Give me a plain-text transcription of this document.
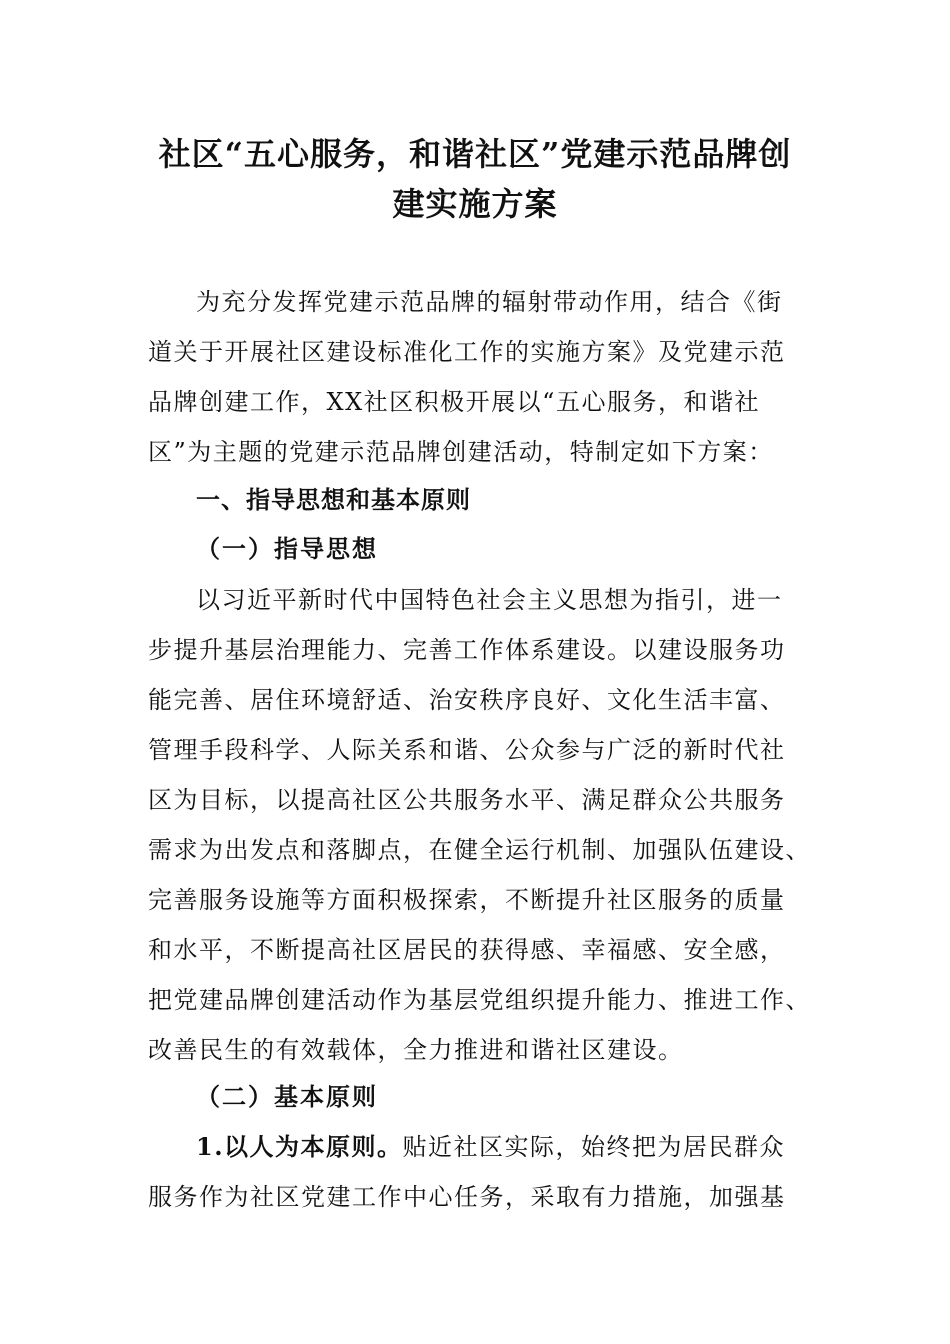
社区“五心服务，和谐社区”党建示范品牌创
建实施方案
为充分发挥党建示范品牌的辐射带动作用，结合《街
道关于开展社区建设标准化工作的实施方案》及党建示范
品牌创建工作，XX社区积极开展以“五心服务，和谐社
区”为主题的党建示范品牌创建活动，特制定如下方案：
一、指导思想和基本原则
（一）指导思想
以习近平新时代中国特色社会主义思想为指引，进一
步提升基层治理能力、完善工作体系建设。以建设服务功
能完善、居住环境舒适、治安秩序良好、文化生活丰富、
管理手段科学、人际关系和谐、公众参与广泛的新时代社
区为目标，以提高社区公共服务水平、满足群众公共服务
需求为出发点和落脚点，在健全运行机制、加强队伍建设、
完善服务设施等方面积极探索，不断提升社区服务的质量
和水平，不断提高社区居民的获得感、幸福感、安全感，
把党建品牌创建活动作为基层党组织提升能力、推进工作、
改善民生的有效载体，全力推进和谐社区建设。
（二）基本原则
1.以人为本原则。贴近社区实际，始终把为居民群众
服务作为社区党建工作中心任务，采取有力措施，加强基
